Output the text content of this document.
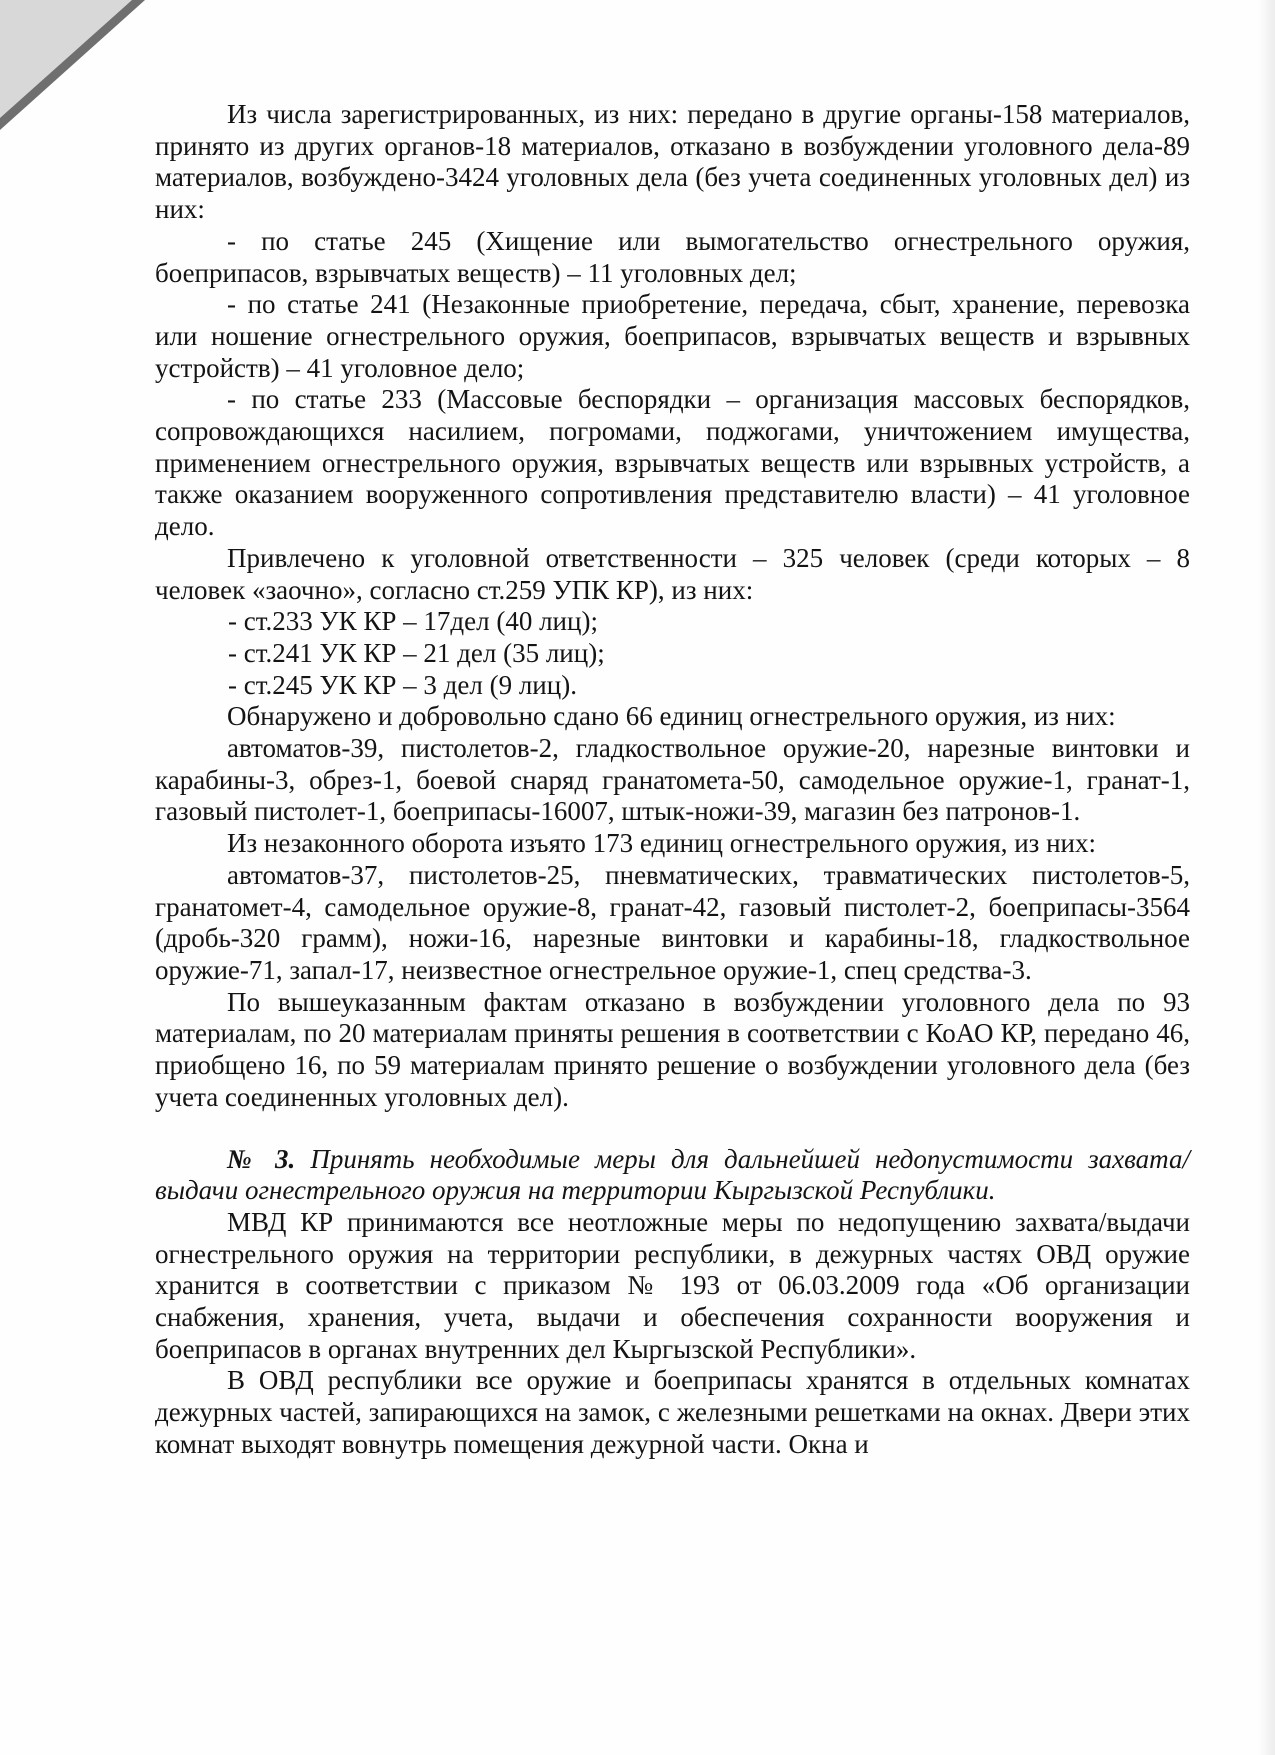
Из числа зарегистрированных, из них: передано в другие органы-158 материалов, принято из других органов-18 материалов, отказано в возбуждении уголовного дела-89 материалов, возбуждено-3424 уголовных дела (без учета соединенных уголовных дел) из них:

- по статье 245 (Хищение или вымогательство огнестрельного оружия, боеприпасов, взрывчатых веществ) – 11 уголовных дел;

- по статье 241 (Незаконные приобретение, передача, сбыт, хранение, перевозка или ношение огнестрельного оружия, боеприпасов, взрывчатых веществ и взрывных устройств) – 41 уголовное дело;

- по статье 233 (Массовые беспорядки – организация массовых беспорядков, сопровождающихся насилием, погромами, поджогами, уничтожением имущества, применением огнестрельного оружия, взрывчатых веществ или взрывных устройств, а также оказанием вооруженного сопротивления представителю власти) – 41 уголовное дело.

Привлечено к уголовной ответственности – 325 человек (среди которых – 8 человек «заочно», согласно ст.259 УПК КР), из них:

- ст.233 УК КР – 17дел (40 лиц);

- ст.241 УК КР – 21 дел (35 лиц);

- ст.245 УК КР – 3 дел (9 лиц).

Обнаружено и добровольно сдано 66 единиц огнестрельного оружия, из них:

автоматов-39, пистолетов-2, гладкоствольное оружие-20, нарезные винтовки и карабины-3, обрез-1, боевой снаряд гранатомета-50, самодельное оружие-1, гранат-1, газовый пистолет-1, боеприпасы-16007, штык-ножи-39, магазин без патронов-1.

Из незаконного оборота изъято 173 единиц огнестрельного оружия, из них:

автоматов-37, пистолетов-25, пневматических, травматических пистолетов-5, гранатомет-4, самодельное оружие-8, гранат-42, газовый пистолет-2, боеприпасы-3564 (дробь-320 грамм), ножи-16, нарезные винтовки и карабины-18, гладкоствольное оружие-71, запал-17, неизвестное огнестрельное оружие-1, спец средства-3.

По вышеуказанным фактам отказано в возбуждении уголовного дела по 93 материалам, по 20 материалам приняты решения в соответствии с КоАО КР, передано 46, приобщено 16, по 59 материалам принято решение о возбуждении уголовного дела (без учета соединенных уголовных дел).

№ 3. Принять необходимые меры для дальнейшей недопустимости захвата/выдачи огнестрельного оружия на территории Кыргызской Республики.

МВД КР принимаются все неотложные меры по недопущению захвата/выдачи огнестрельного оружия на территории республики, в дежурных частях ОВД оружие хранится в соответствии с приказом № 193 от 06.03.2009 года «Об организации снабжения, хранения, учета, выдачи и обеспечения сохранности вооружения и боеприпасов в органах внутренних дел Кыргызской Республики».

В ОВД республики все оружие и боеприпасы хранятся в отдельных комнатах дежурных частей, запирающихся на замок, с железными решетками на окнах. Двери этих комнат выходят вовнутрь помещения дежурной части. Окна и
